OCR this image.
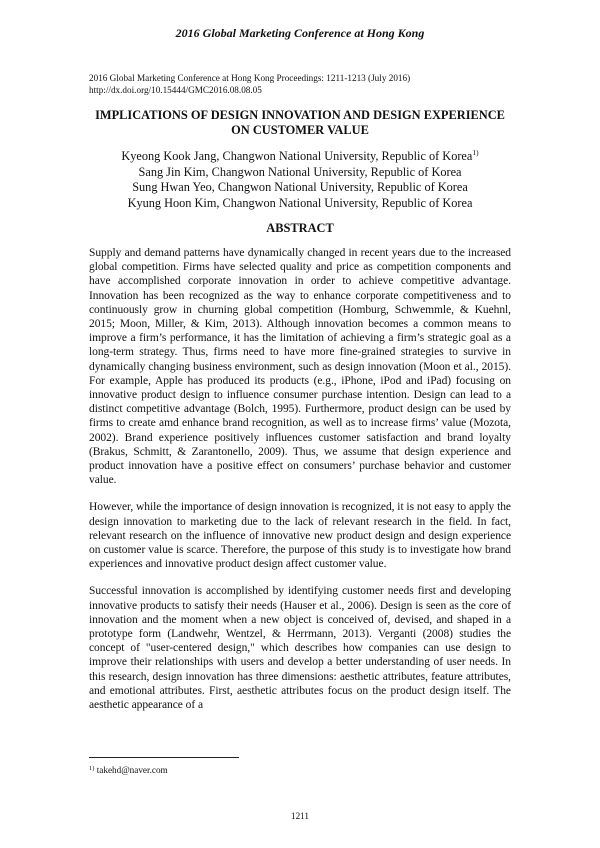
2016 Global Marketing Conference at Hong Kong
2016 Global Marketing Conference at Hong Kong Proceedings: 1211-1213 (July 2016)
http://dx.doi.org/10.15444/GMC2016.08.08.05
IMPLICATIONS OF DESIGN INNOVATION AND DESIGN EXPERIENCE
ON CUSTOMER VALUE
Kyeong Kook Jang, Changwon National University, Republic of Korea$^{1)}$
Sang Jin Kim, Changwon National University, Republic of Korea
Sung Hwan Yeo, Changwon National University, Republic of Korea
Kyung Hoon Kim, Changwon National University, Republic of Korea
ABSTRACT

Supply and demand patterns have dynamically changed in recent years due to the increased global competition. Firms have selected quality and price as competition components and have accomplished corporate innovation in order to achieve competitive advantage. Innovation has been recognized as the way to enhance corporate competitiveness and to continuously grow in churning global competition (Homburg, Schwemmle, & Kuehnl, 2015; Moon, Miller, & Kim, 2013). Although innovation becomes a common means to improve a firm’s performance, it has the limitation of achieving a firm’s strategic goal as a long-term strategy. Thus, firms need to have more fine-grained strategies to survive in dynamically changing business environment, such as design innovation (Moon et al., 2015). For example, Apple has produced its products (e.g., iPhone, iPod and iPad) focusing on innovative product design to influence consumer purchase intention. Design can lead to a distinct competitive advantage (Bolch, 1995). Furthermore, product design can be used by firms to create amd enhance brand recognition, as well as to increase firms’ value (Mozota, 2002). Brand experience positively influences customer satisfaction and brand loyalty (Brakus, Schmitt, & Zarantonello, 2009). Thus, we assume that design experience and product innovation have a positive effect on consumers’ purchase behavior and customer value.

However, while the importance of design innovation is recognized, it is not easy to apply the design innovation to marketing due to the lack of relevant research in the field. In fact, relevant research on the influence of innovative new product design and design experience on customer value is scarce. Therefore, the purpose of this study is to investigate how brand experiences and innovative product design affect customer value.

Successful innovation is accomplished by identifying customer needs first and developing innovative products to satisfy their needs (Hauser et al., 2006). Design is seen as the core of innovation and the moment when a new object is conceived of, devised, and shaped in a prototype form (Landwehr, Wentzel, & Herrmann, 2013). Verganti (2008) studies the concept of "user-centered design," which describes how companies can use design to improve their relationships with users and develop a better understanding of user needs. In this research, design innovation has three dimensions: aesthetic attributes, feature attributes, and emotional attributes. First, aesthetic attributes focus on the product design itself. The aesthetic appearance of a

$^{1)}$ takehd@naver.com
1211
